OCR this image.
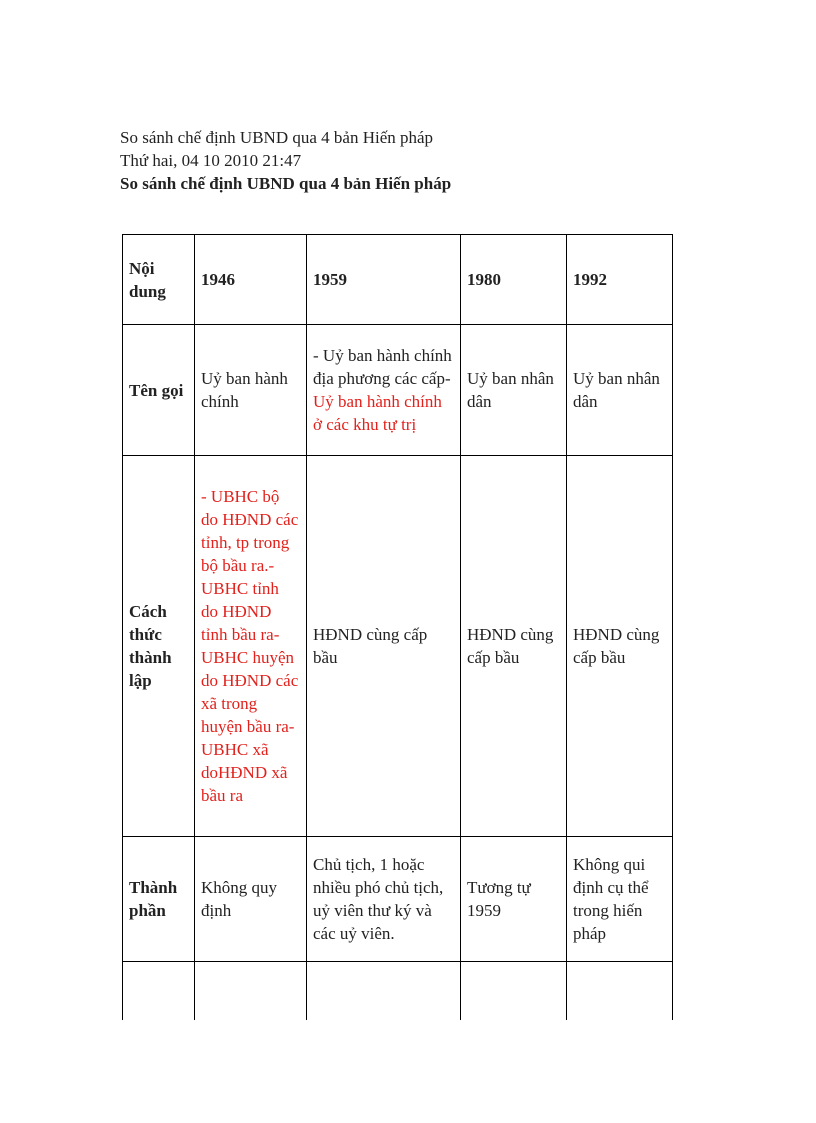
So sánh chế định UBND qua 4 bản Hiến pháp
Thứ hai, 04 10 2010 21:47
So sánh chế định UBND qua 4 bản Hiến pháp
Nội dung	1946	1959	1980	1992
Tên gọi	Uỷ ban hành chính	- Uỷ ban hành chính địa phương các cấp-Uỷ ban hành chính ở các khu tự trị	Uỷ ban nhân dân	Uỷ ban nhân dân
Cách thức thành lập	- UBHC bộ do HĐND các tỉnh, tp trong bộ bầu ra.- UBHC tỉnh do HĐND tỉnh bầu ra- UBHC huyện do HĐND các xã trong huyện bầu ra- UBHC xã doHĐND xã bầu ra	HĐND cùng cấp bầu	HĐND cùng cấp bầu	HĐND cùng cấp bầu
Thành phần	Không quy định	Chủ tịch, 1 hoặc nhiều phó chủ tịch, uỷ viên thư ký và các uỷ viên.	Tương tự 1959	Không qui định cụ thể trong hiến pháp
